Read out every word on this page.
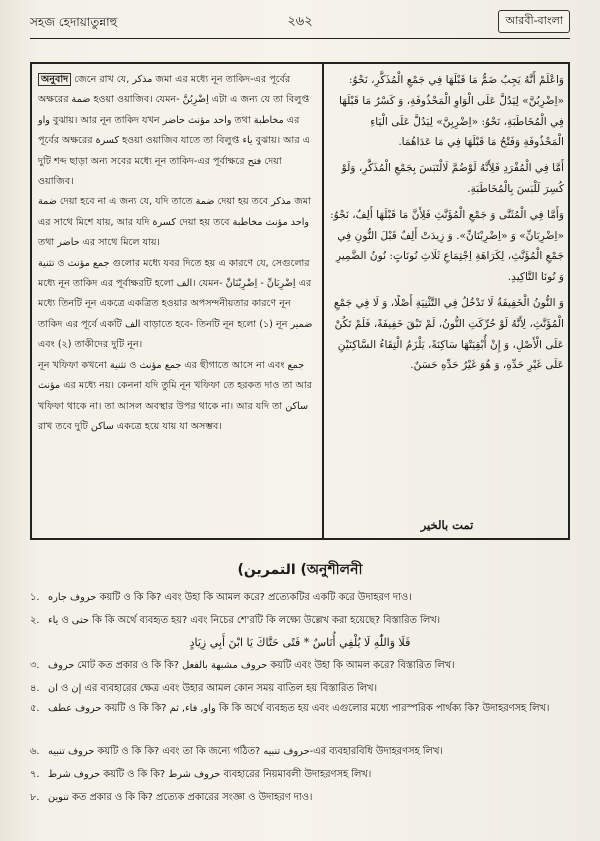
সহজ হেদায়াতুন্নাহু	২৬২	আরবী-বাংলা

অনুবাদ জেনে রাখ যে, مذكر জমা এর মধ্যে নূন তাকিদ-এর পূর্বের অক্ষরের ضمة হওয়া ওয়াজিব। যেমন- اِضْرِبُنَّ এটা এ জন্য যে তা বিলুপ্ত واو বুঝায়। আর নূন তাকিদ যখন واحد مؤنث حاضر তথা مخاطبة এর পূর্বের অক্ষরের كسرة হওয়া ওয়াজিব যাতে তা বিলুপ্ত ياء বুঝায়। আর এ দুটি শব্দ ছাড়া অন্য সবের মধ্যে নূন তাকিদ-এর পূর্বাক্ষরে فتح দেয়া ওয়াজিব।

ضمة দেয়া হবে না এ জন্য যে, যদি তাতে ضمة দেয়া হয় তবে مذكر জমা এর সাথে মিশে যায়, আর যদি كسرة দেয়া হয় তবে واحد مؤنث مخاطبة তথা حاضر এর সাথে মিলে যায়।

تثنية ও جمع مؤنث গুলোর মধ্যে যবর দিতে হয় এ কারণে যে, সেগুলোর মধ্যে নূন তাকিদ এর পূর্বাক্ষরটি হলো الف। যেমন- اِضْرِبَانِّ - اِضْرِبْنَانِّ এর মধ্যে তিনটি নূন একত্রে একত্রিত হওয়ার অপসন্দনীয়তার কারণে নূন তাকিদ এর পূর্বে একটি الف বাড়াতে হবে- তিনটি নূন হলো (১) নূন ضمير এবং (২) তাকীদের দুটি নূন।

নূন খফিফা কখনো تثنية ও جمع مؤنث এর ছীগাতে আসে না এবং جمع مؤنث এর মধ্যে নয়। কেননা যদি তুমি নূন খফিফা তে হরকত দাও তা আর খফিফা থাকে না। তা আসল অবস্থার উপর থাকে না। আর যদি তা ساكن রাখ তবে দুটি ساكن একত্রে হয়ে যায় যা অসম্ভব।

وَاعْلَمْ أَنَّهُ يَجِبُ ضَمُّ مَا قَبْلَهَا فِي جَمْعِ الْمُذَكَّرِ، نَحْوُ: «اِضْرِبُنَّ» لِيَدُلَّ عَلَى الْوَاوِ الْمَحْذُوفَةِ، وَ كَسْرُ مَا قَبْلَهَا فِي الْمُخَاطَبَةِ، نَحْوُ: «اِضْرِبِنَّ» لِيَدُلَّ عَلَى الْيَاءِ الْمَحْذُوفَةِ وَفَتْحُ مَا قَبْلَهَا فِي مَا عَدَاهُمَا.

أَمَّا فِي الْمُفْرَدِ فَلِأَنَّهُ لَوْضُمَّ لَالْتَبَسَ بِجَمْعِ الْمُذَكَّرِ، وَلَوْ كُسِرَ لَلْبَسَ بِالْمُخَاطَبَةِ.

وَأَمَّا فِي الْمُثَنَّى وَ جَمْعِ الْمُؤَنَّثِ فَلِأَنَّ مَا قَبْلَهَا أَلِفٌ، نَحْوُ: «اِضْرِبَانِّ» وَ «اِضْرِبْنَانِّ». وَ زِيدَتْ أَلِفٌ قَبْلَ النُّونِ فِي جَمْعِ الْمُؤَنَّثِ، لِكَرَاهَةِ اِجْتِمَاعِ ثَلَاثِ نُونَاتٍ: نُونُ الضَّمِيرِ وَ نُونَا التَّاكِيدِ.

وَ النُّونُ الْخَفِيفَةُ لَا تَدْخُلُ فِي التَّثْنِيَةِ أَصْلًا، وَ لَا فِي جَمْعِ الْمُؤَنَّثِ، لِأَنَّهُ لَوْ حُرِّكَتِ النُّونُ، لَمْ تَبْقَ خَفِيفَةً، فَلَمْ تَكُنْ عَلَى الْأَصْلِ، وَ إِنْ أُبْقِيَتْهَا سَاكِنَةً، يَلْزَمُ الْتِقَاءُ السَّاكِنَيْنِ عَلَى غَيْرِ حَدِّهِ، وَ هُوَ غَيْرُ حَدِّهِ حَسَنٌ.

تمت بالخير
(التمرين (অনুশীলনী
১. حروف جاره কয়টি ও কি কি? এবং উহা কি আমল করে? প্রত্যেকটির একটি করে উদাহরণ দাও।
২. ياء ও حتى কি কি অর্থে ব্যবহৃত হয়? এবং নিচের শে'রটি কি লক্ষ্যে উল্লেখ করা হয়েছে? বিস্তারিত লিখ।
فَلَا وَاللّٰهِ لَا يُلْفِي أُنَاسٌ * فَتًى حَتَّاكَ يَا ابْنَ أَبِي زِيَادٍ
৩. حروف মোট কত প্রকার ও কি কি? حروف مشبهة بالفعل কয়টি এবং উহা কি আমল করে? বিস্তারিত লিখ।
৪. ان ও إن এর ব্যবহারের ক্ষেত্র এবং উহার আমল কোন সময় বাতিল হয় বিস্তারিত লিখ।
৫. حروف عطف কয়টি ও কি কি? واو, فاء, ثم কি কি অর্থে ব্যবহৃত হয় এবং এগুলোর মধ্যে পারস্পরিক পার্থক্য কি? উদাহরণসহ লিখ।
৬. حروف تنبيه কয়টি ও কি কি? এবং তা কি জন্যে গঠিত? حروف تنبيه-এর ব্যবহারবিধি উদাহরণসহ লিখ।
৭. حروف شرط কয়টি ও কি কি? حروف شرط ব্যবহারের নিয়মাবলী উদাহরণসহ লিখ।
৮. تنوين কত প্রকার ও কি কি? প্রত্যেক প্রকারের সংজ্ঞা ও উদাহরণ দাও।
